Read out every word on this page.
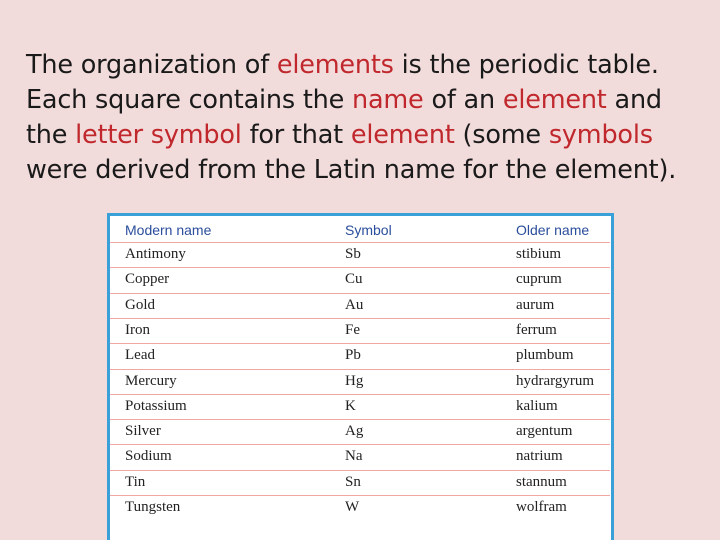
The organization of elements is the periodic table. Each square contains the name of an element and the letter symbol for that element (some symbols were derived from the Latin name for the element).

Modern name	Symbol	Older name
Antimony	Sb	stibium
Copper	Cu	cuprum
Gold	Au	aurum
Iron	Fe	ferrum
Lead	Pb	plumbum
Mercury	Hg	hydrargyrum
Potassium	K	kalium
Silver	Ag	argentum
Sodium	Na	natrium
Tin	Sn	stannum
Tungsten	W	wolfram
